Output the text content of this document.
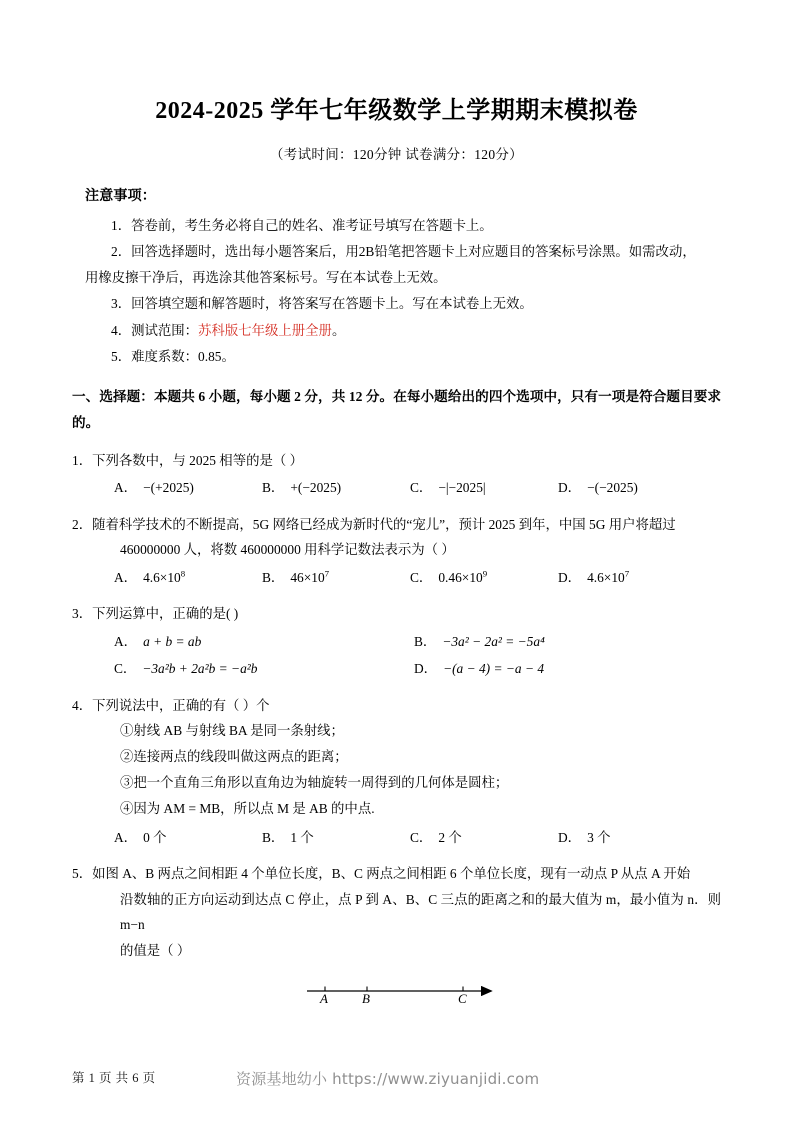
2024-2025 学年七年级数学上学期期末模拟卷

（考试时间：120分钟 试卷满分：120分）

注意事项：

1．答卷前，考生务必将自己的姓名、准考证号填写在答题卡上。

2．回答选择题时，选出每小题答案后，用2B铅笔把答题卡上对应题目的答案标号涂黑。如需改动，

用橡皮擦干净后，再选涂其他答案标号。写在本试卷上无效。

3．回答填空题和解答题时，将答案写在答题卡上。写在本试卷上无效。

4．测试范围：苏科版七年级上册全册。

5．难度系数：0.85。

一、选择题：本题共 6 小题，每小题 2 分，共 12 分。在每小题给出的四个选项中，只有一项是符合题目要求的。

1．下列各数中，与 2025 相等的是（ ）

A． −(+2025)	B． +(−2025)	C． −|−2025|	D． −(−2025)

2．随着科学技术的不断提高，5G 网络已经成为新时代的“宠儿”，预计 2025 到年，中国 5G 用户将超过

460000000 人，将数 460000000 用科学记数法表示为（ ）

A． $4.6\times 10^8$	B． $46\times 10^7$	C． $0.46\times 10^9$	D． $4.6\times 10^7$

3．下列运算中，正确的是( )

A． a + b = ab	B． −3a² − 2a² = −5a⁴
C． −3a²b + 2a²b = −a²b	D． −(a − 4) = −a − 4

4．下列说法中，正确的有（ ）个

①射线 AB 与射线 BA 是同一条射线；

②连接两点的线段叫做这两点的距离；

③把一个直角三角形以直角边为轴旋转一周得到的几何体是圆柱；

④因为 AM = MB，所以点 M 是 AB 的中点.

A． 0 个	B． 1 个	C． 2 个	D． 3 个

5．如图 A、B 两点之间相距 4 个单位长度，B、C 两点之间相距 6 个单位长度，现有一动点 P 从点 A 开始

沿数轴的正方向运动到达点 C 停止，点 P 到 A、B、C 三点的距离之和的最大值为 m，最小值为 n．则 m−n

的值是（ ）

A	B	C
第 1 页 共 6 页	资源基地幼小 https://www.ziyuanjidi.com
